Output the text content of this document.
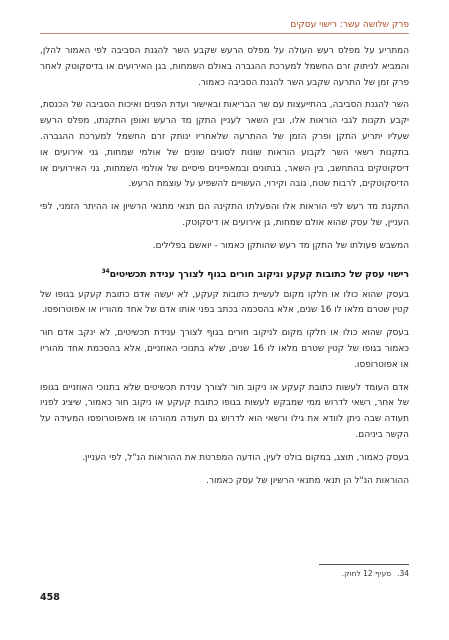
פרק שלושה עשר: רישוי עסקים

המתריע על מפלס רעש העולה על מפלס הרעש שקבע השר להגנת הסביבה לפי האמור להלן, והמביא לניתוק זרם החשמל למערכת ההגברה באולם השמחות, בגן האירועים או בדיסקוטק לאחר פרק זמן של התרעה שקבע השר להגנת הסביבה כאמור.

השר להגנת הסביבה, בהתייעצות עם שר הבריאות ובאישור ועדת הפנים ואיכות הסביבה של הכנסת, יקבע תקנות לגבי הוראות אלו, ובין השאר לעניין התקן מד הרעש ואופן התקנתו, מפלס הרעש שעליו יתריע התקן ופרק הזמן של ההתרעה שלאחריו ינותק זרם החשמל למערכת ההגברה. בתקנות רשאי השר לקבוע הוראות שונות לסוגים שונים של אולמי שמחות, גני אירועים או דיסקוטקים בהתחשב, בין השאר, בנתונים ובמאפיינים פיסיים של אולמי השמחות, גני האירועים או הדיסקוטקים, לרבות שטח, גובה וקירוי, העשויים להשפיע על עוצמת הרעש.

התקנת מד רעש לפי הוראות אלו והפעלתו התקינה הם תנאי מתנאי הרשיון או ההיתר הזמני, לפי העניין, של עסק שהוא אולם שמחות, גן אירועים או דיסקוטק.

המשבש פעולתו של התקן מד רעש שהותקן כאמור - יואשם בפלילים.

רישוי עסק של כתובות קעקע וניקוב חורים בגוף לצורך ענידת תכשיטים$^{34}$

בעסק שהוא כולו או חלקו מקום לעשיית כתובות קעקע, לא יעשה אדם כתובת קעקע בגופו של קטין שטרם מלאו לו 16 שנים, אלא בהסכמה בכתב בפני אותו אדם של אחד מהוריו או אפוטרופסו.

בעסק שהוא כולו או חלקו מקום לניקוב חורים בגוף לצורך ענידת תכשיטים, לא ינקב אדם חור כאמור בגופו של קטין שטרם מלאו לו 16 שנים, שלא בתנוכי האוזניים, אלא בהסכמת אחד מהוריו או אפוטרופסו.

אדם העומד לעשות כתובת קעקע או ניקוב חור לצורך ענידת תכשיטים שלא בתנוכי האוזניים בגופו של אחר, רשאי לדרוש ממי שמבקש לעשות בגופו כתובת קעקע או ניקוב חור כאמור, שיציג לפניו תעודה שבה ניתן לוודא את גילו ורשאי הוא לדרוש גם תעודה מהורהו או מאפוטרופסו המעידה על הקשר ביניהם.

בעסק כאמור, תוצג, במקום בולט לעין, הודעה המפרטת את ההוראות הנ"ל, לפי העניין.

ההוראות הנ"ל הן תנאי מתנאי הרשיון של עסק כאמור.

34.סעיף 12 לחוק.
458
